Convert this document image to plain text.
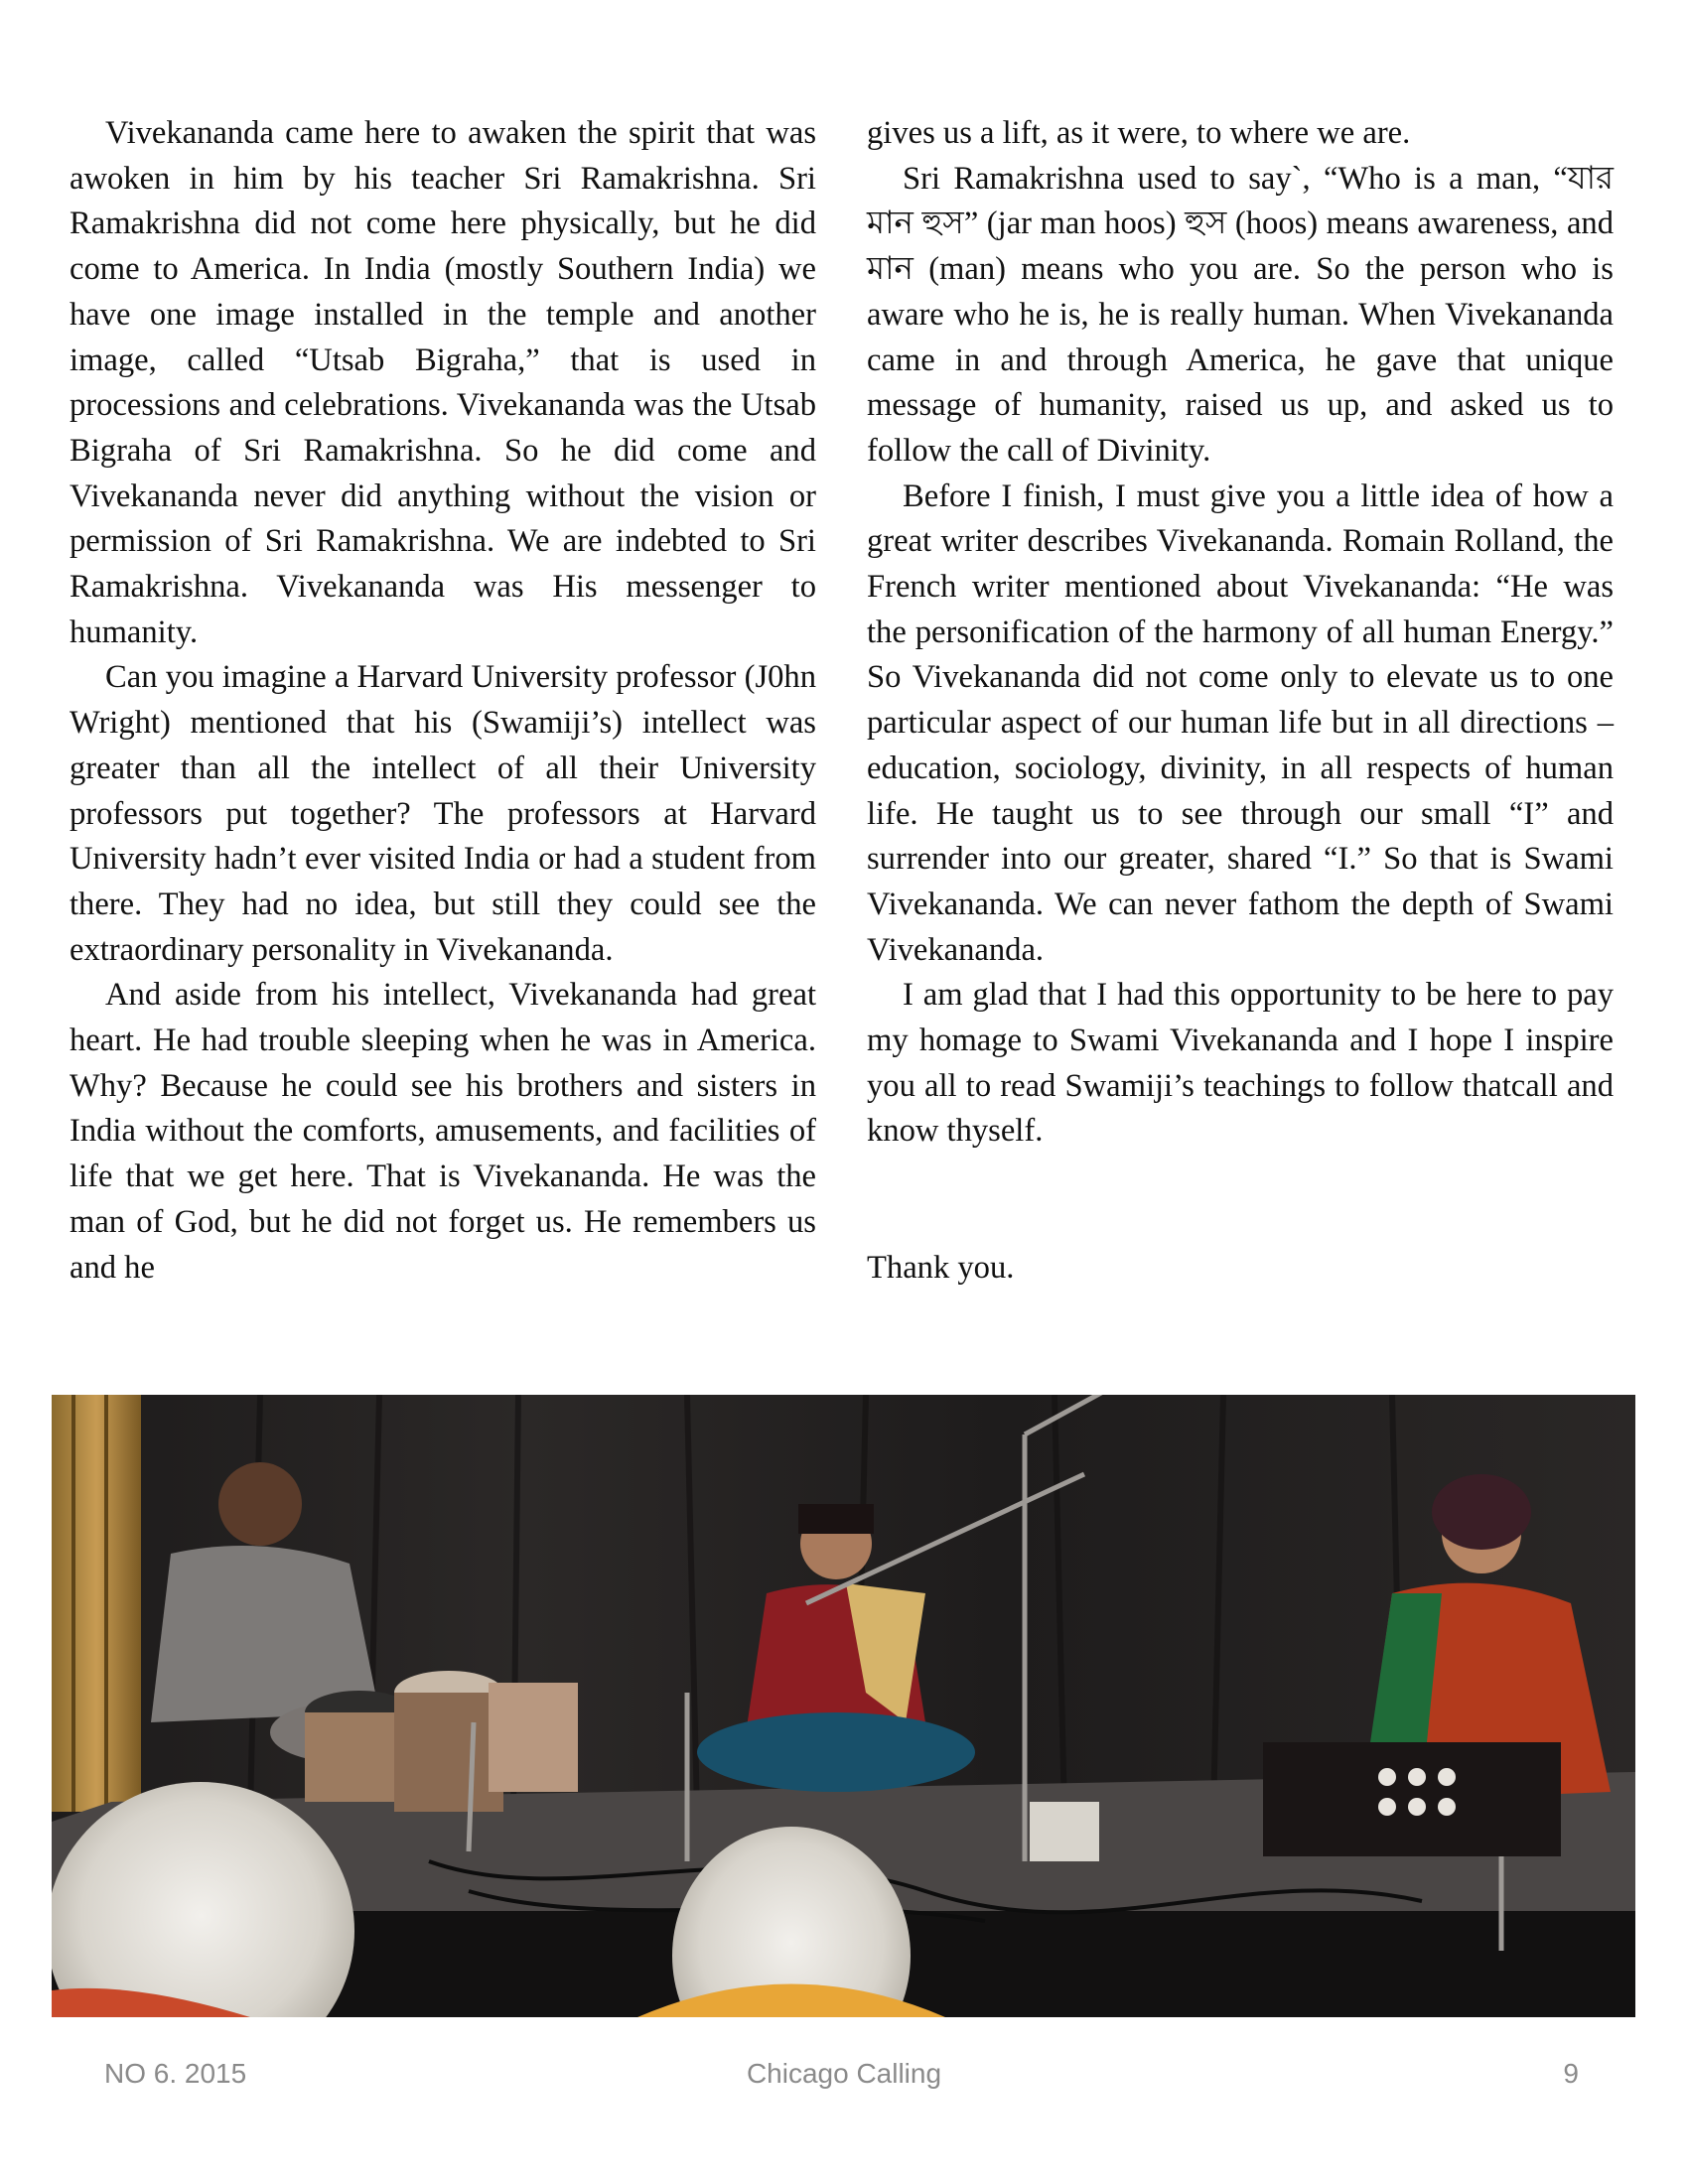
Vivekananda came here to awaken the spirit that was awoken in him by his teacher Sri Ramakrishna. Sri Ramakrishna did not come here physically, but he did come to America. In India (mostly Southern India) we have one image installed in the temple and another image, called “Utsab Bigraha,” that is used in processions and celebrations. Vivekananda was the Utsab Bigraha of Sri Ramakrishna. So he did come and Vivekananda never did anything without the vision or permission of Sri Ramakrishna. We are indebted to Sri Ramakrishna. Vivekananda was His messenger to humanity.

Can you imagine a Harvard University professor (J0hn Wright) mentioned that his (Swamiji’s) intellect was greater than all the intellect of all their University professors put together? The professors at Harvard University hadn’t ever visited India or had a student from there. They had no idea, but still they could see the extraordinary personality in Vivekananda.

And aside from his intellect, Vivekananda had great heart. He had trouble sleeping when he was in America. Why? Because he could see his brothers and sisters in India without the comforts, amusements, and facilities of life that we get here. That is Vivekananda. He was the man of God, but he did not forget us. He remembers us and he

gives us a lift, as it were, to where we are.

Sri Ramakrishna used to say`, “Who is a man, “যার মান হুস” (jar man hoos) হুস (hoos) means awareness, and মান (man) means who you are. So the person who is aware who he is, he is really human. When Vivekananda came in and through America, he gave that unique message of humanity, raised us up, and asked us to follow the call of Divinity.

Before I finish, I must give you a little idea of how a great writer describes Vivekananda. Romain Rolland, the French writer mentioned about Vivekananda: “He was the personification of the harmony of all human Energy.” So Vivekananda did not come only to elevate us to one particular aspect of our human life but in all directions – education, sociology, divinity, in all respects of human life. He taught us to see through our small “I” and surrender into our greater, shared “I.” So that is Swami Vivekananda. We can never fathom the depth of Swami Vivekananda.

I am glad that I had this opportunity to be here to pay my homage to Swami Vivekananda and I hope I inspire you all to read Swamiji’s teachings to follow thatcall and know thyself.

Thank you.

NO 6. 2015	Chicago Calling	9
